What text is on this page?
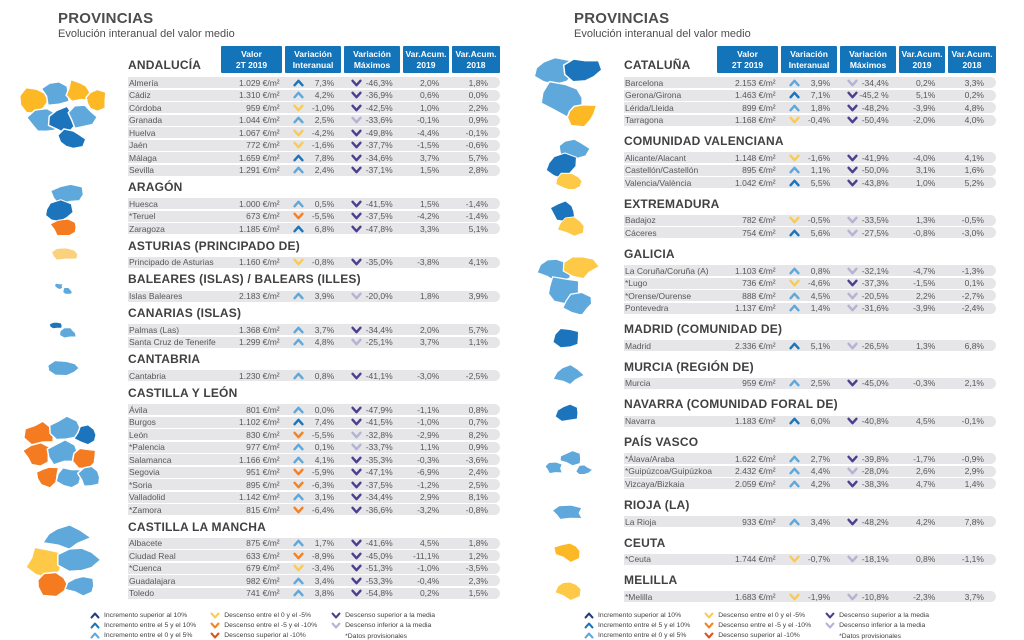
PROVINCIAS
Evolución interanual del valor medio
ANDALUCÍA
Valor
2T 2019
Variación
Interanual
Variación
Máximos
Var.Acum.
2019
Var.Acum.
2018
Almería	1.029 €/m²	7,3%	-46,3%	2,0%	1,8%
Cádiz	1.310 €/m²	4,2%	-36,9%	0,6%	0,0%
Córdoba	959 €/m²	-1,0%	-42,5%	1,0%	2,2%
Granada	1.044 €/m²	2,5%	-33,6%	-0,1%	0,9%
Huelva	1.067 €/m²	-4,2%	-49,8%	-4,4%	-0,1%
Jaén	772 €/m²	-1,6%	-37,7%	-1,5%	-0,6%
Málaga	1.659 €/m²	7,8%	-34,6%	3,7%	5,7%
Sevilla	1.291 €/m²	2,4%	-37,1%	1,5%	2,8%
ARAGÓN
Huesca	1.000 €/m²	0,5%	-41,5%	1,5%	-1,4%
*Teruel	673 €/m²	-5,5%	-37,5%	-4,2%	-1,4%
Zaragoza	1.185 €/m²	6,8%	-47,8%	3,3%	5,1%
ASTURIAS (PRINCIPADO DE)
Principado de Asturias	1.160 €/m²	-0,8%	-35,0%	-3,8%	4,1%
BALEARES (ISLAS) / BALEARS (ILLES)
Islas Baleares	2.183 €/m²	3,9%	-20,0%	1,8%	3,9%
CANARIAS (ISLAS)
Palmas (Las)	1.368 €/m²	3,7%	-34,4%	2,0%	5,7%
Santa Cruz de Tenerife	1.299 €/m²	4,8%	-25,1%	3,7%	1,1%
CANTABRIA
Cantabria	1.230 €/m²	0,8%	-41,1%	-3,0%	-2,5%
CASTILLA Y LEÓN
Ávila	801 €/m²	0,0%	-47,9%	-1,1%	0,8%
Burgos	1.102 €/m²	7,4%	-41,5%	-1,0%	0,7%
León	830 €/m²	-5,5%	-32,8%	-2,9%	8,2%
*Palencia	977 €/m²	0,1%	-33,7%	1,1%	0,9%
Salamanca	1.166 €/m²	4,1%	-35,3%	-0,3%	-3,6%
Segovia	951 €/m²	-5,9%	-47,1%	-6,9%	2,4%
*Soria	895 €/m²	-6,3%	-37,5%	-1,2%	2,5%
Valladolid	1.142 €/m²	3,1%	-34,4%	2,9%	8,1%
*Zamora	815 €/m²	-6,4%	-36,6%	-3,2%	-0,8%
CASTILLA LA MANCHA
Albacete	875 €/m²	1,7%	-41,6%	4,5%	1,8%
Ciudad Real	633 €/m²	-8,9%	-45,0%	-11,1%	1,2%
*Cuenca	679 €/m²	-3,4%	-51,3%	-1,0%	-3,5%
Guadalajara	982 €/m²	3,4%	-53,3%	-0,4%	2,3%
Toledo	741 €/m²	3,8%	-54,8%	0,2%	1,5%
Incremento superior al 10%
Incremento entre el 5 y el 10%
Incremento entre el 0 y el 5%
Descenso entre el 0 y el -5%
Descenso entre el -5 y el -10%
Descenso superior al -10%
Descenso superior a la media
Descenso inferior a la media
*Datos provisionales
PROVINCIAS
Evolución interanual del valor medio
CATALUÑA
Valor
2T 2019
Variación
Interanual
Variación
Máximos
Var.Acum.
2019
Var.Acum.
2018
Barcelona	2.153 €/m²	3,9%	-34,4%	0,2%	3,3%
Gerona/Girona	1.463 €/m²	7,1%	-45,2 %	5,1%	0,2%
Lérida/Lleida	899 €/m²	1,8%	-48,2%	-3,9%	4,8%
Tarragona	1.168 €/m²	-0,4%	-50,4%	-2,0%	4,0%
COMUNIDAD VALENCIANA
Alicante/Alacant	1.148 €/m²	-1,6%	-41,9%	-4,0%	4,1%
Castellón/Castellón	895 €/m²	1,1%	-50,0%	3,1%	1,6%
Valencia/València	1.042 €/m²	5,5%	-43,8%	1,0%	5,2%
EXTREMADURA
Badajoz	782 €/m²	-0,5%	-33,5%	1,3%	-0,5%
Cáceres	754 €/m²	5,6%	-27,5%	-0,8%	-3,0%
GALICIA
La Coruña/Coruña (A)	1.103 €/m²	0,8%	-32,1%	-4,7%	-1,3%
*Lugo	736 €/m²	-4,6%	-37,3%	-1,5%	0,1%
*Orense/Ourense	888 €/m²	4,5%	-20,5%	2,2%	-2,7%
Pontevedra	1.137 €/m²	1,4%	-31,6%	-3,9%	-2,4%
MADRID (COMUNIDAD DE)
Madrid	2.336 €/m²	5,1%	-26,5%	1,3%	6,8%
MURCIA (REGIÓN DE)
Murcia	959 €/m²	2,5%	-45,0%	-0,3%	2,1%
NAVARRA (COMUNIDAD FORAL DE)
Navarra	1.183 €/m²	6,0%	-40,8%	4,5%	-0,1%
PAÍS VASCO
*Álava/Araba	1.622 €/m²	2,7%	-39,8%	-1,7%	-0,9%
*Guipúzcoa/Guipúzkoa	2.432 €/m²	4,4%	-28,0%	2,6%	2,9%
Vizcaya/Bizkaia	2.059 €/m²	4,2%	-38,3%	4,7%	1,4%
RIOJA (LA)
La Rioja	933 €/m²	3,4%	-48,2%	4,2%	7,8%
CEUTA
*Ceuta	1.744 €/m²	-0,7%	-18,1%	0,8%	-1,1%
MELILLA
*Melilla	1.683 €/m²	-1,9%	-10,8%	-2,3%	3,7%
Incremento superior al 10%
Incremento entre el 5 y el 10%
Incremento entre el 0 y el 5%
Descenso entre el 0 y el -5%
Descenso entre el -5 y el -10%
Descenso superior al -10%
Descenso superior a la media
Descenso inferior a la media
*Datos provisionales
